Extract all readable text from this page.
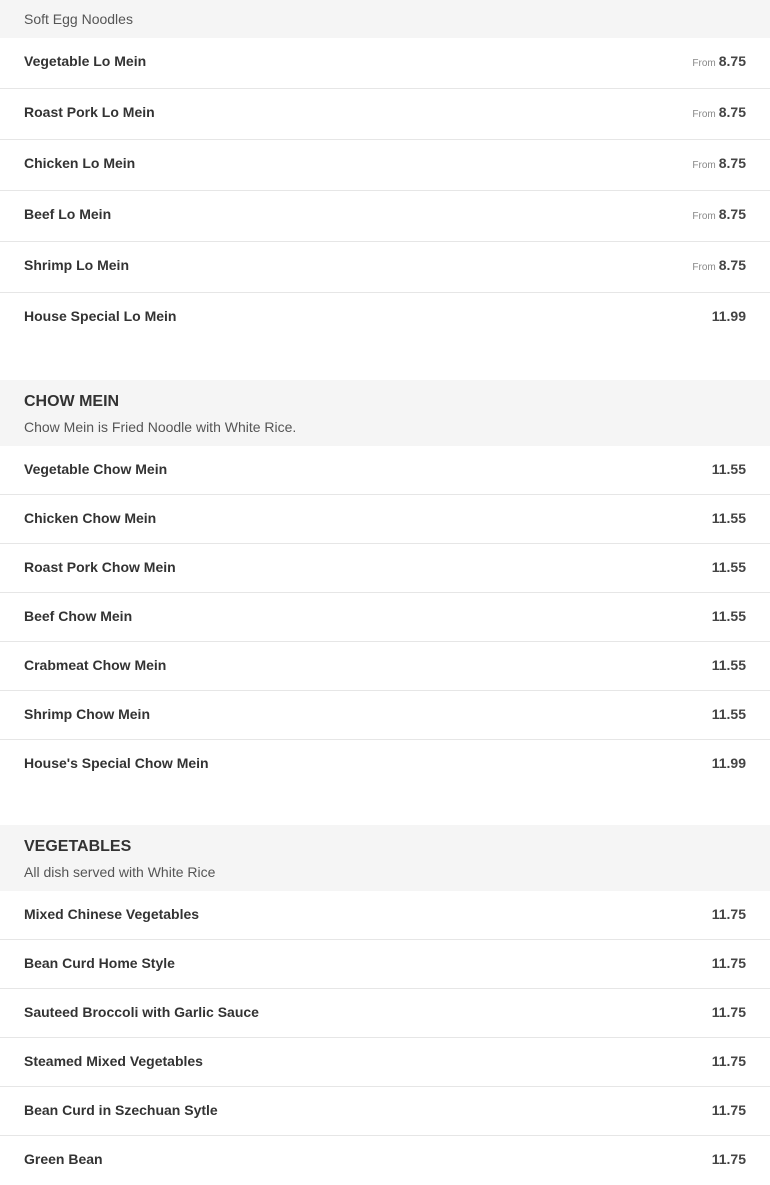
Soft Egg Noodles
Vegetable Lo Mein	From 8.75
Roast Pork Lo Mein	From 8.75
Chicken Lo Mein	From 8.75
Beef Lo Mein	From 8.75
Shrimp Lo Mein	From 8.75
House Special Lo Mein	11.99
CHOW MEIN
Chow Mein is Fried Noodle with White Rice.
Vegetable Chow Mein	11.55
Chicken Chow Mein	11.55
Roast Pork Chow Mein	11.55
Beef Chow Mein	11.55
Crabmeat Chow Mein	11.55
Shrimp Chow Mein	11.55
House's Special Chow Mein	11.99
VEGETABLES
All dish served with White Rice
Mixed Chinese Vegetables	11.75
Bean Curd Home Style	11.75
Sauteed Broccoli with Garlic Sauce	11.75
Steamed Mixed Vegetables	11.75
Bean Curd in Szechuan Sytle	11.75
Green Bean	11.75
